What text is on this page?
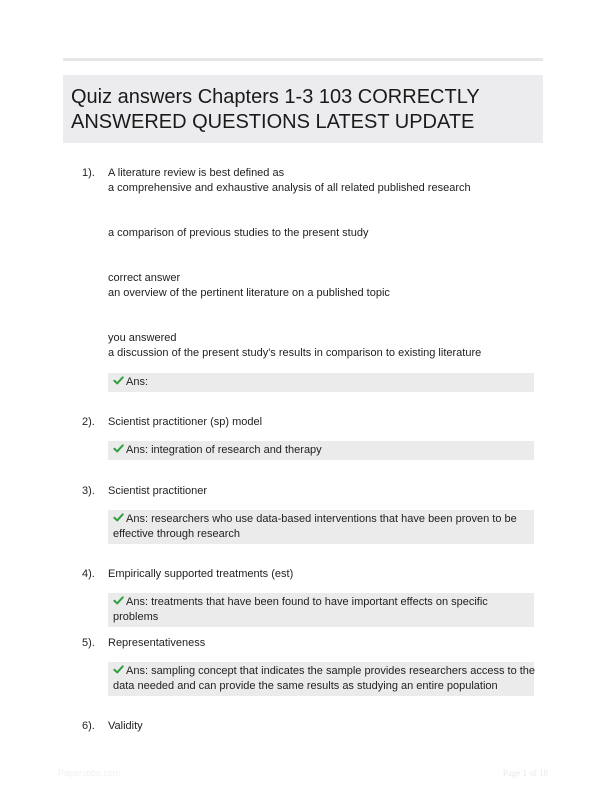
Quiz answers Chapters 1-3 103 CORRECTLY
ANSWERED QUESTIONS LATEST UPDATE
1). A literature review is best defined as
a comprehensive and exhaustive analysis of all related published research
a comparison of previous studies to the present study
correct answer
an overview of the pertinent literature on a published topic
you answered
a discussion of the present study's results in comparison to existing literature
Ans:
2). Scientist practitioner (sp) model
Ans: integration of research and therapy
3). Scientist practitioner
Ans: researchers who use data-based interventions that have been proven to be
effective through research
4). Empirically supported treatments (est)
Ans: treatments that have been found to have important effects on specific problems
5). Representativeness
Ans: sampling concept that indicates the sample provides researchers access to the
data needed and can provide the same results as studying an entire population
6). Validity
Paperstibe.com	Page 1 of 18
